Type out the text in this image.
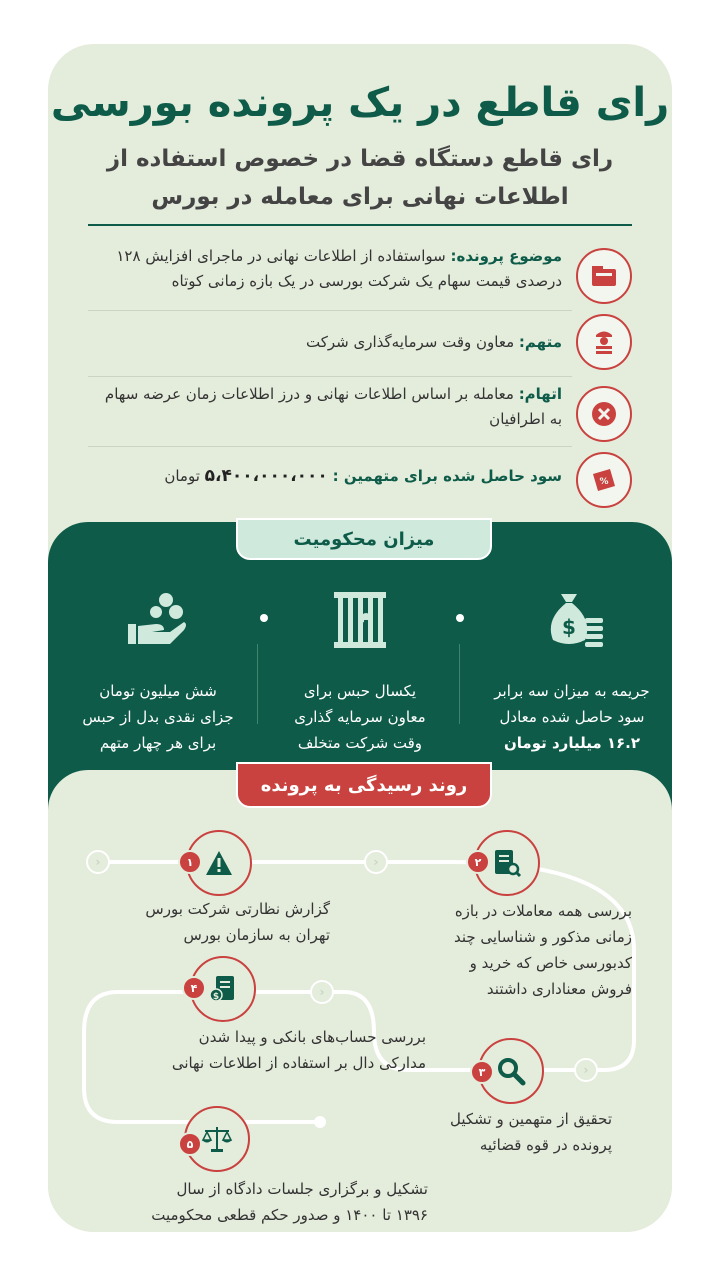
رای قاطع در یک پرونده بورسی

رای قاطع دستگاه قضا در خصوص استفاده از اطلاعات نهانی برای معامله در بورس

موضوع پرونده: سواستفاده از اطلاعات نهانی در ماجرای افزایش ۱۲۸ درصدی قیمت سهام یک شرکت بورسی در یک بازه زمانی کوتاه
متهم: معاون وقت سرمایه‌گذاری شرکت
اتهام: معامله بر اساس اطلاعات نهانی و درز اطلاعات زمان عرضه سهام به اطرافیان
%
سود حاصل شده برای متهمین : ۵،۴۰۰،۰۰۰،۰۰۰ تومان
میزان محکومیت
$
جریمه به میزان سه برابر
سود حاصل شده معادل
۱۶.۲ میلیارد تومان
یکسال حبس برای
معاون سرمایه گذاری
وقت شرکت متخلف
شش میلیون تومان
جزای نقدی بدل از حبس
برای هر چهار متهم
روند رسیدگی به پرونده
‹	‹
‹
‹
۱
گزارش نظارتی شرکت بورس
تهران به سازمان بورس
۲
بررسی همه معاملات در بازه
زمانی مذکور و شناسایی چند
کدبورسی خاص که خرید و
فروش معناداری داشتند
۳
تحقیق از متهمین و تشکیل
پرونده در قوه قضائیه
$
۴
بررسی حساب‌های بانکی و پیدا شدن
مدارکی دال بر استفاده از اطلاعات نهانی
۵
تشکیل و برگزاری جلسات دادگاه از سال
۱۳۹۶ تا ۱۴۰۰ و صدور حکم قطعی محکومیت
